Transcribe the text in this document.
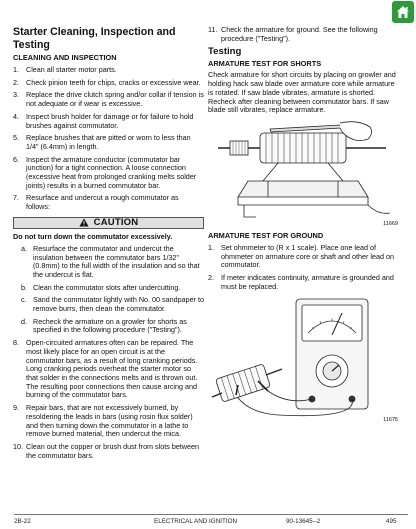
Starter Cleaning, Inspection and Testing
CLEANING AND INSPECTION
1. Clean all starter motor parts.
2. Check pinion teeth for chips, cracks or excessive wear.
3. Replace the drive clutch spring and/or collar if tension is not adequate or if wear is excessive.
4. Inspect brush holder for damage or for failure to hold brushes against commutator.
5. Replace brushes that are pitted or worn to less than 1/4" (6.4mm) in length.
6. Inspect the armature conductor (commutator bar junction) for a tight connection. A loose connection (excessive heat from prolonged cranking melts solder joints) results in a burned commutator bar.
7. Resurface and undercut a rough commutator as follows:
CAUTION
Do not turn down the commutator excessively.
a. Resurface the commutator and undercut the insulation between the commutator bars 1/32" (0.8mm) to the full width of the insulation and so that the undercut is flat.
b. Clean the commutator slots after undercutting.
c. Sand the commutator lightly with No. 00 sandpaper to remove burrs, then clean the commutator.
d. Recheck the armature on a growler for shorts as specified in the following procedure ("Testing").
8. Open-circuited armatures often can be repaired. The most likely place for an open circuit is at the commutator bars, as a result of long cranking periods. Long cranking periods overheat the starter motor so that solder in the connections melts and is thrown out. The resulting poor connections then cause arcing and burning of the commutator bars.
9. Repair bars, that are not excessively burned, by resoldering the leads in bars (using rosin flux solder) and then turning down the commutator in a lathe to remove burned material, then undercut the mica.
10. Clean out the copper or brush dust from slots between the commutator bars.
11. Check the armature for ground. See the following procedure ("Testing").
Testing
ARMATURE TEST FOR SHORTS
Check armature for short circuits by placing on growler and holding hack saw blade over armature core while armature is rotated. If saw blade vibrates, armature is shorted. Recheck after cleaning between commutator bars. If saw blade still vibrates, replace armature.
11669
ARMATURE TEST FOR GROUND
1. Set ohmmeter to (R x 1 scale). Place one lead of ohmmeter on armature core or shaft and other lead on commutator.
2. If meter indicates continuity, armature is grounded and must be replaced.
11675
2B-22	ELECTRICAL AND IGNITION	90-13645--2	495
